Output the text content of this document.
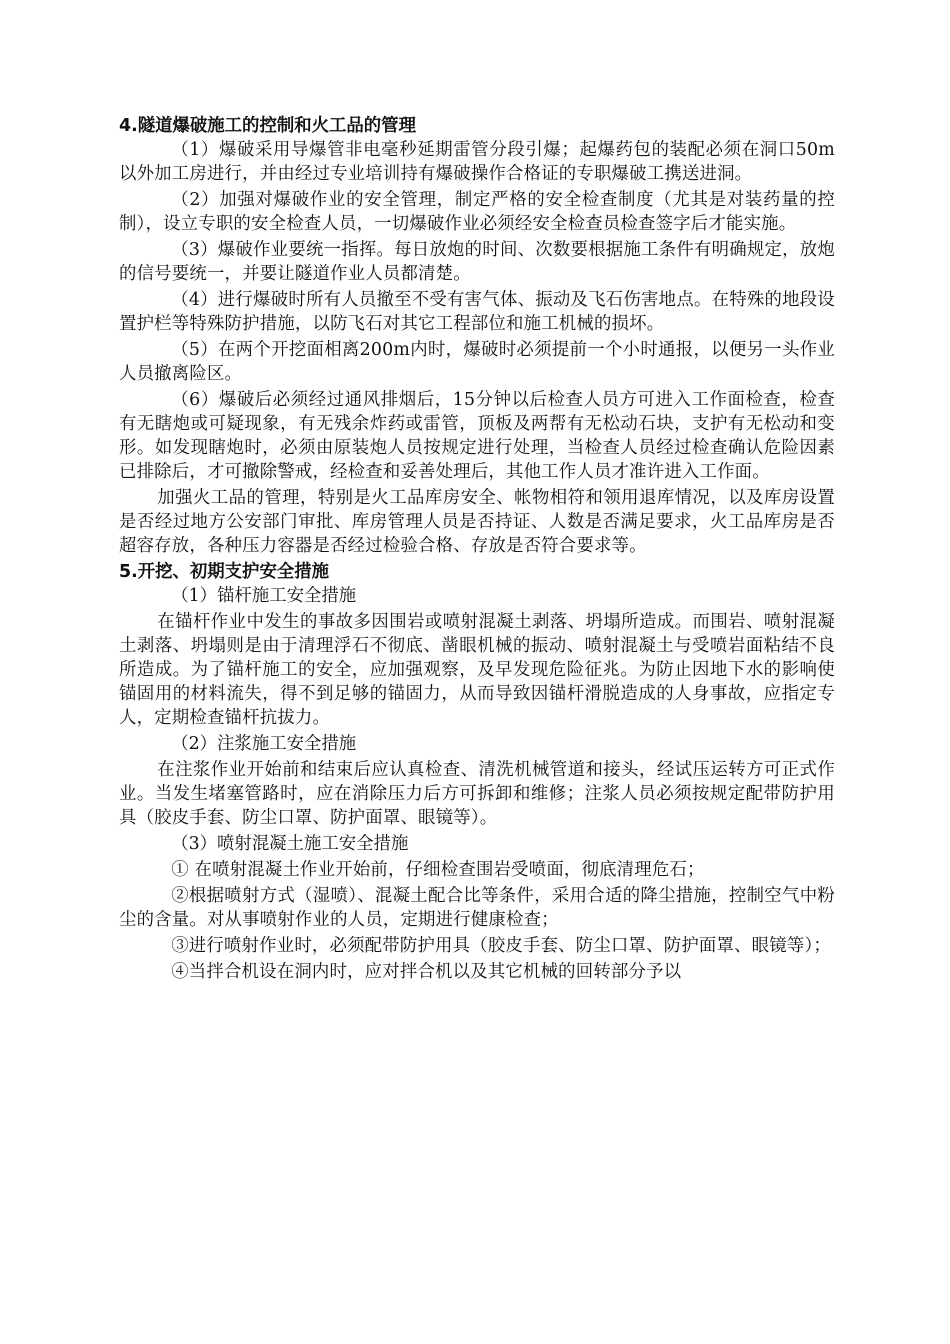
4.隧道爆破施工的控制和火工品的管理

（1）爆破采用导爆管非电毫秒延期雷管分段引爆；起爆药包的装配必须在洞口50m以外加工房进行，并由经过专业培训持有爆破操作合格证的专职爆破工携送进洞。

（2）加强对爆破作业的安全管理，制定严格的安全检查制度（尤其是对装药量的控制），设立专职的安全检查人员，一切爆破作业必须经安全检查员检查签字后才能实施。

（3）爆破作业要统一指挥。每日放炮的时间、次数要根据施工条件有明确规定，放炮的信号要统一，并要让隧道作业人员都清楚。

（4）进行爆破时所有人员撤至不受有害气体、振动及飞石伤害地点。在特殊的地段设置护栏等特殊防护措施，以防飞石对其它工程部位和施工机械的损坏。

（5）在两个开挖面相离200m内时，爆破时必须提前一个小时通报，以便另一头作业人员撤离险区。

（6）爆破后必须经过通风排烟后，15分钟以后检查人员方可进入工作面检查，检查有无瞎炮或可疑现象，有无残余炸药或雷管，顶板及两帮有无松动石块，支护有无松动和变形。如发现瞎炮时，必须由原装炮人员按规定进行处理，当检查人员经过检查确认危险因素已排除后，才可撤除警戒，经检查和妥善处理后，其他工作人员才准许进入工作面。

加强火工品的管理，特别是火工品库房安全、帐物相符和领用退库情况，以及库房设置是否经过地方公安部门审批、库房管理人员是否持证、人数是否满足要求，火工品库房是否超容存放，各种压力容器是否经过检验合格、存放是否符合要求等。

5.开挖、初期支护安全措施

（1）锚杆施工安全措施

在锚杆作业中发生的事故多因围岩或喷射混凝土剥落、坍塌所造成。而围岩、喷射混凝土剥落、坍塌则是由于清理浮石不彻底、凿眼机械的振动、喷射混凝土与受喷岩面粘结不良所造成。为了锚杆施工的安全，应加强观察，及早发现危险征兆。为防止因地下水的影响使锚固用的材料流失，得不到足够的锚固力，从而导致因锚杆滑脱造成的人身事故，应指定专人，定期检查锚杆抗拔力。

（2）注浆施工安全措施

在注浆作业开始前和结束后应认真检查、清洗机械管道和接头，经试压运转方可正式作业。当发生堵塞管路时，应在消除压力后方可拆卸和维修；注浆人员必须按规定配带防护用具（胶皮手套、防尘口罩、防护面罩、眼镜等）。

（3）喷射混凝土施工安全措施

① 在喷射混凝土作业开始前，仔细检查围岩受喷面，彻底清理危石；

②根据喷射方式（湿喷）、混凝土配合比等条件，采用合适的降尘措施，控制空气中粉尘的含量。对从事喷射作业的人员，定期进行健康检查；

③进行喷射作业时，必须配带防护用具（胶皮手套、防尘口罩、防护面罩、眼镜等）；

④当拌合机设在洞内时，应对拌合机以及其它机械的回转部分予以
